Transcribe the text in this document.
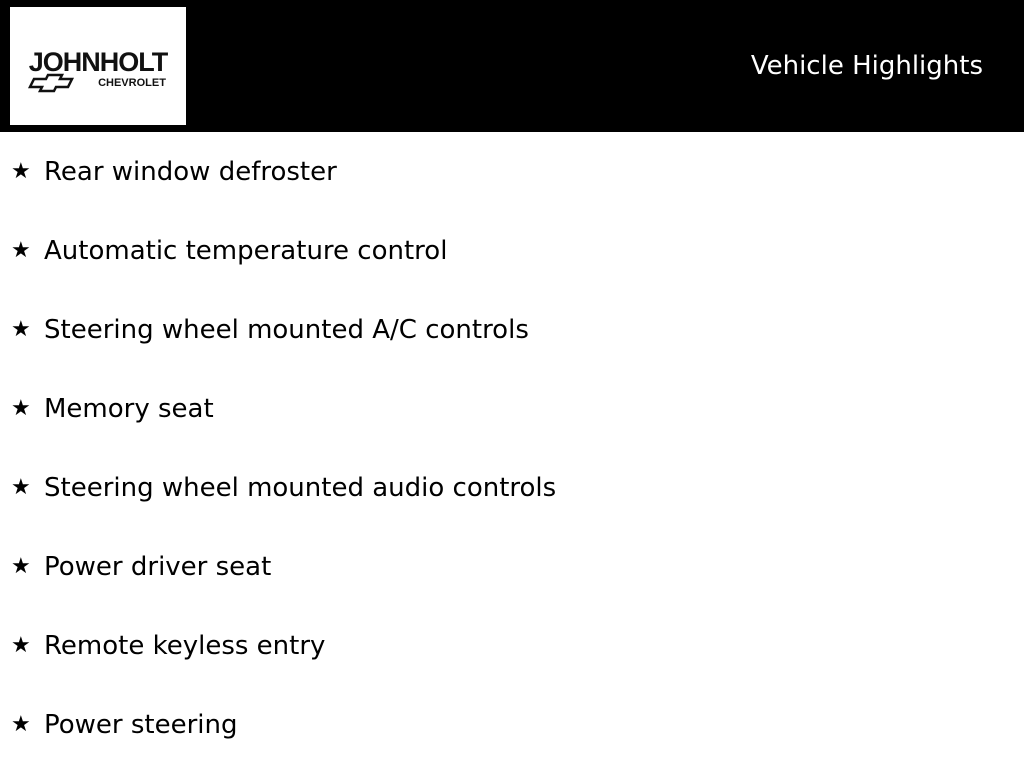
JOHNHOLT
CHEVROLET
Vehicle Highlights
★ Rear window defroster
★ Automatic temperature control
★ Steering wheel mounted A/C controls
★ Memory seat
★ Steering wheel mounted audio controls
★ Power driver seat
★ Remote keyless entry
★ Power steering
